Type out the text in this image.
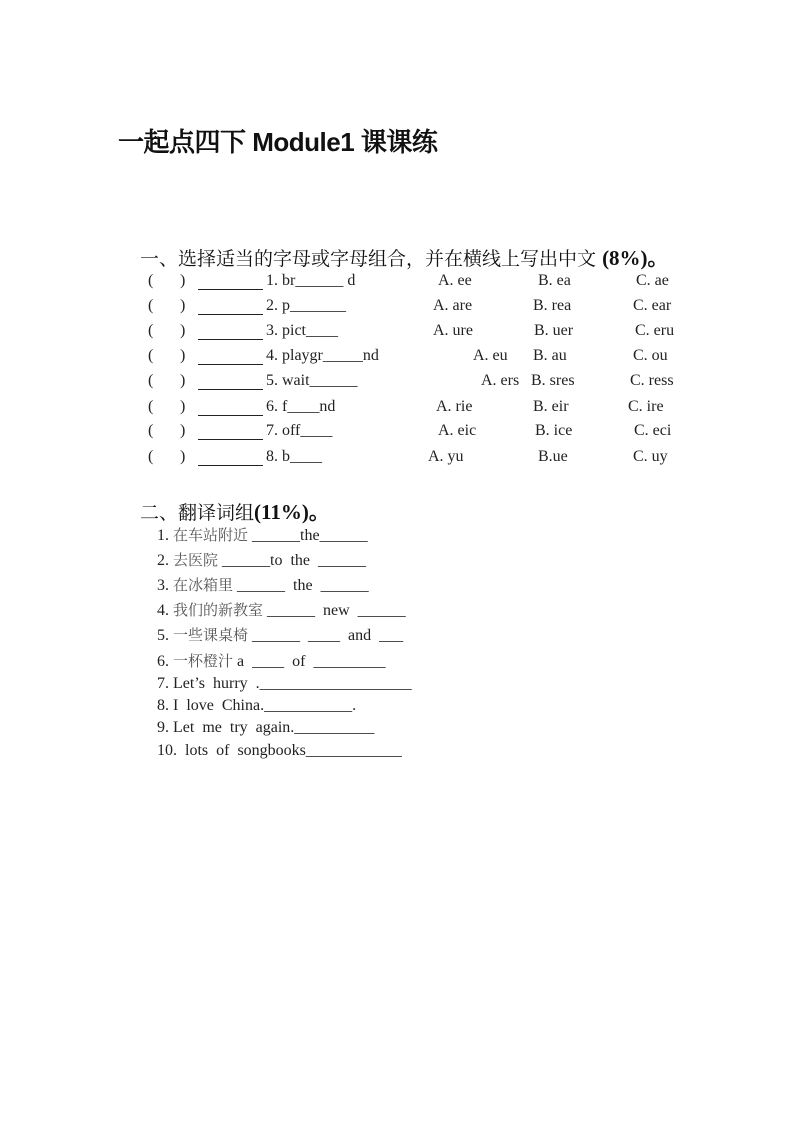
一起点四下 Module1 课课练
一、选择适当的字母或字母组合，并在横线上写出中文 (8%)。
( )	1. br______ d	A. ee	B. ea	C. ae
( )	2. p_______	A. are	B. rea	C. ear
( )	3. pict____	A. ure	B. uer	C. eru
( )	4. playgr_____nd	A. eu B. au	C. ou
( )	5. wait______	A. ers B. sres	C. ress
( )	6. f____nd	A. rie	B. eir	C. ire
( )	7. off____	A. eic	B. ice	C. eci
( )	8. b____	A. yu	B.ue	C. uy
二、翻译词组(11%)。
1. 在车站附近 ______the______
2. 去医院 ______to  the  ______
3. 在冰箱里 ______  the  ______
4. 我们的新教室 ______  new  ______
5. 一些课桌椅 ______  ____  and  ___
6. 一杯橙汁 a  ____  of  _________
7. Let’s  hurry  .___________________
8. I  love  China.___________.
9. Let  me  try  again.__________
10.  lots  of  songbooks____________
